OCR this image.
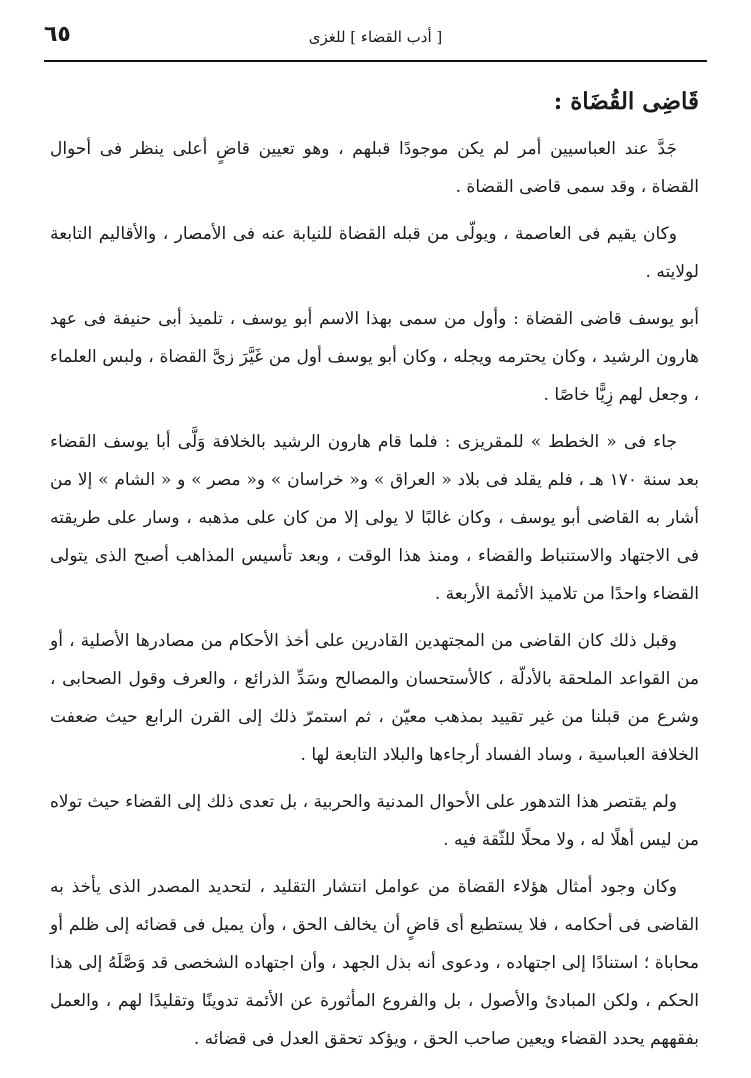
٦٥	[ أدب القضاء ] للغزى
قَاضِى القُضَاة :

جَدَّ عند العباسيين أمر لم يكن موجودًا قبلهم ، وهو تعيين قاضٍ أعلى ينظر فى أحوال القضاة ، وقد سمى قاضى القضاة .

وكان يقيم فى العاصمة ، ويولّى من قبله القضاة للنيابة عنه فى الأمصار ، والأقاليم التابعة لولايته .

أبو يوسف قاضى القضاة : وأول من سمى بهذا الاسم أبو يوسف ، تلميذ أبى حنيفة فى عهد هارون الرشيد ، وكان يحترمه ويجله ، وكان أبو يوسف أول من غَيَّرَ زىَّ القضاة ، ولبس العلماء ، وجعل لهم زِيًّا خاصًا .

جاء فى « الخطط » للمقريزى : فلما قام هارون الرشيد بالخلافة وَلَّى أبا يوسف القضاء بعد سنة ١٧٠ هـ ، فلم يقلد فى بلاد « العراق » و« خراسان » و« مصر » و « الشام » إلا من أشار به القاضى أبو يوسف ، وكان غالبًا لا يولى إلا من كان على مذهبه ، وسار على طريقته فى الاجتهاد والاستنباط والقضاء ، ومنذ هذا الوقت ، وبعد تأسيس المذاهب أصبح الذى يتولى القضاء واحدًا من تلاميذ الأئمة الأربعة .

وقبل ذلك كان القاضى من المجتهدين القادرين على أخذ الأحكام من مصادرها الأصلية ، أو من القواعد الملحقة بالأدلّة ، كالأستحسان والمصالح وسَدِّ الذرائع ، والعرف وقول الصحابى ، وشرع من قبلنا من غير تقييد بمذهب معيّن ، ثم استمرّ ذلك إلى القرن الرابع حيث ضعفت الخلافة العباسية ، وساد الفساد أرجاءها والبلاد التابعة لها .

ولم يقتصر هذا التدهور على الأحوال المدنية والحربية ، بل تعدى ذلك إلى القضاء حيث تولاه من ليس أهلًا له ، ولا محلًا للثّقة فيه .

وكان وجود أمثال هؤلاء القضاة من عوامل انتشار التقليد ، لتحديد المصدر الذى يأخذ به القاضى فى أحكامه ، فلا يستطيع أى قاضٍ أن يخالف الحق ، وأن يميل فى قضائه إلى ظلم أو محاباة ؛ استنادًا إلى اجتهاده ، ودعوى أنه بذل الجهد ، وأن اجتهاده الشخصى قد وَصَّلَهُ إلى هذا الحكم ، ولكن المبادئ والأصول ، بل والفروع المأثورة عن الأئمة تدوينًا وتقليدًا لهم ، والعمل بفقههم يحدد القضاء ويعين صاحب الحق ، ويؤكد تحقق العدل فى قضائه .
